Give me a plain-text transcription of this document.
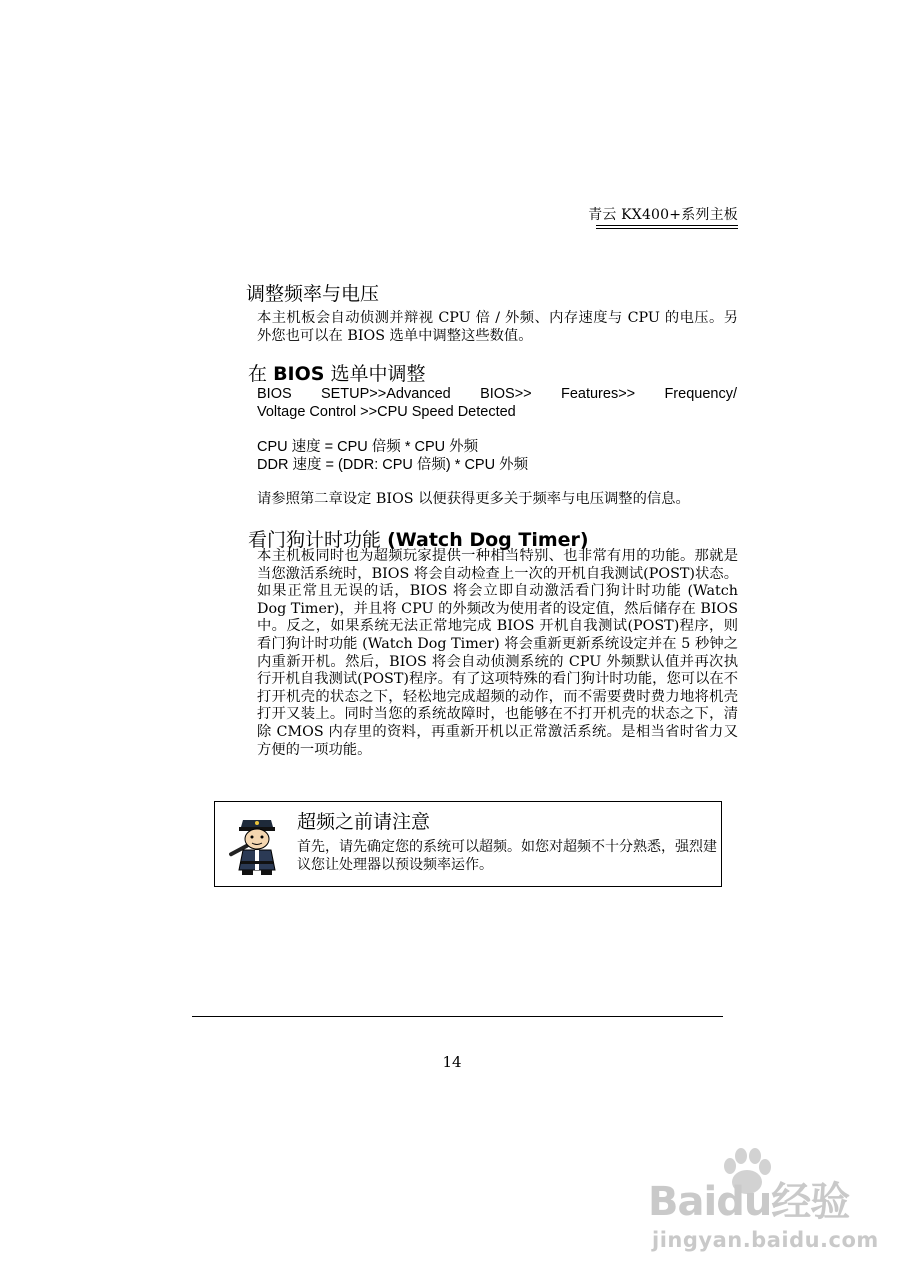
青云 KX400+系列主板
调整频率与电压
本主机板会自动侦测并辩视 CPU 倍 / 外频、内存速度与 CPU 的电压。另外您也可以在 BIOS 选单中调整这些数值。
在 BIOS 选单中调整
BIOS SETUP>>Advanced BIOS>> Features>> Frequency/
Voltage Control >>CPU Speed Detected
CPU 速度 = CPU 倍频 * CPU 外频
DDR 速度 = (DDR: CPU 倍频) * CPU 外频
请参照第二章设定 BIOS 以便获得更多关于频率与电压调整的信息。
看门狗计时功能 (Watch Dog Timer)
本主机板同时也为超频玩家提供一种相当特别、也非常有用的功能。那就是当您激活系统时，BIOS 将会自动检查上一次的开机自我测试(POST)状态。如果正常且无误的话，BIOS 将会立即自动激活看门狗计时功能 (Watch Dog Timer)，并且将 CPU 的外频改为使用者的设定值，然后储存在 BIOS 中。反之，如果系统无法正常地完成 BIOS 开机自我测试(POST)程序，则看门狗计时功能 (Watch Dog Timer) 将会重新更新系统设定并在 5 秒钟之内重新开机。然后，BIOS 将会自动侦测系统的 CPU 外频默认值并再次执行开机自我测试(POST)程序。有了这项特殊的看门狗计时功能，您可以在不打开机壳的状态之下，轻松地完成超频的动作，而不需要费时费力地将机壳打开又装上。同时当您的系统故障时，也能够在不打开机壳的状态之下，清除 CMOS 内存里的资料，再重新开机以正常激活系统。是相当省时省力又方便的一项功能。
超频之前请注意
首先，请先确定您的系统可以超频。如您对超频不十分熟悉，强烈建议您让处理器以预设频率运作。
14
Baidu经验
jingyan.baidu.com
